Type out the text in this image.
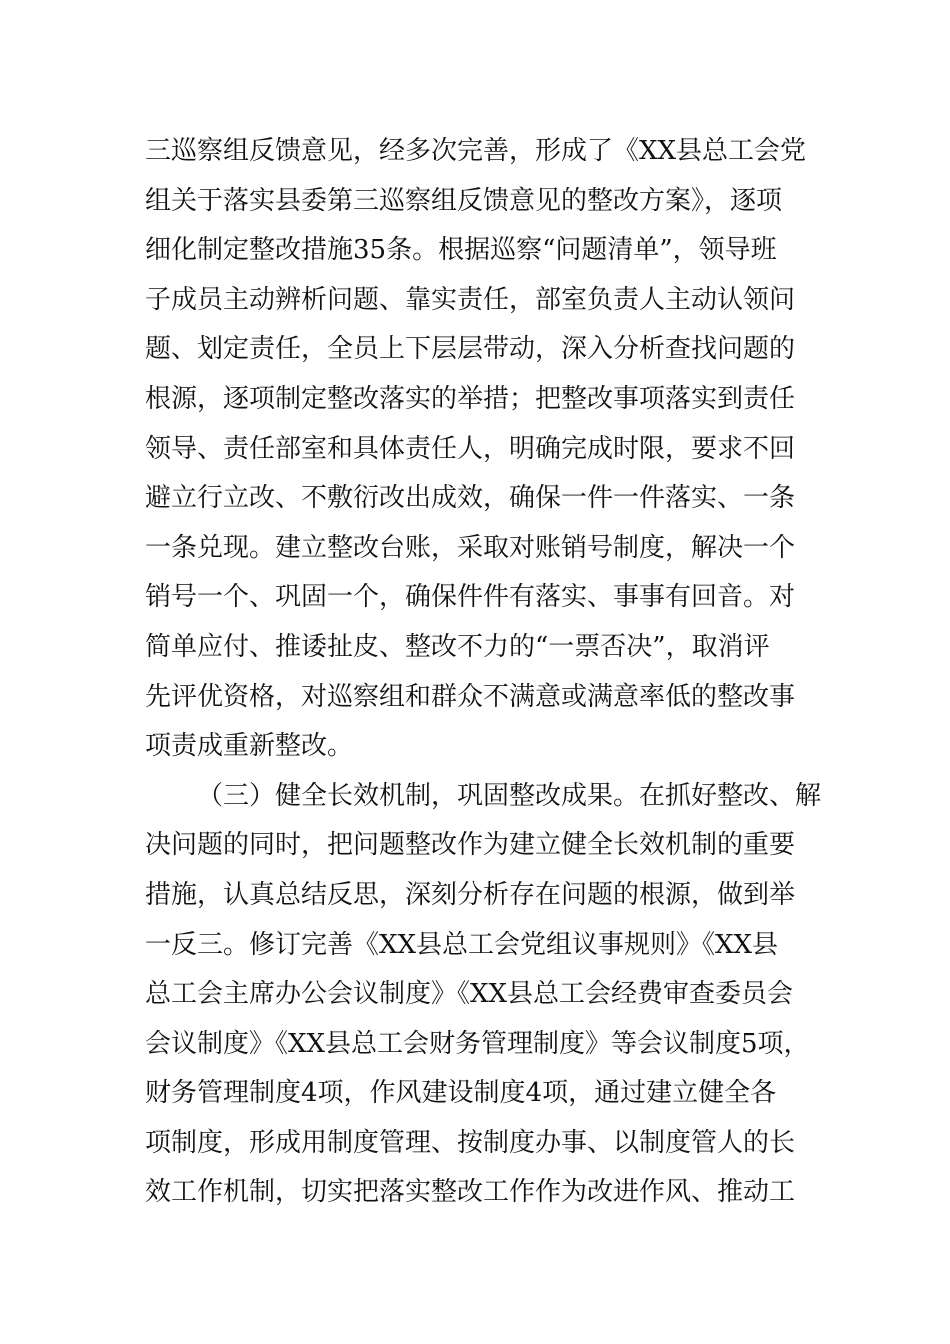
三巡察组反馈意见，经多次完善，形成了《XX县总工会党
组关于落实县委第三巡察组反馈意见的整改方案》，逐项
细化制定整改措施35条。根据巡察“问题清单”，领导班
子成员主动辨析问题、靠实责任，部室负责人主动认领问
题、划定责任，全员上下层层带动，深入分析查找问题的
根源，逐项制定整改落实的举措；把整改事项落实到责任
领导、责任部室和具体责任人，明确完成时限，要求不回
避立行立改、不敷衍改出成效，确保一件一件落实、一条
一条兑现。建立整改台账，采取对账销号制度，解决一个
销号一个、巩固一个，确保件件有落实、事事有回音。对
简单应付、推诿扯皮、整改不力的“一票否决”，取消评
先评优资格，对巡察组和群众不满意或满意率低的整改事
项责成重新整改。
（三）健全长效机制，巩固整改成果。在抓好整改、解
决问题的同时，把问题整改作为建立健全长效机制的重要
措施，认真总结反思，深刻分析存在问题的根源，做到举
一反三。修订完善《XX县总工会党组议事规则》《XX县
总工会主席办公会议制度》《XX县总工会经费审查委员会
会议制度》《XX县总工会财务管理制度》等会议制度5项，
财务管理制度4项，作风建设制度4项，通过建立健全各
项制度，形成用制度管理、按制度办事、以制度管人的长
效工作机制，切实把落实整改工作作为改进作风、推动工
